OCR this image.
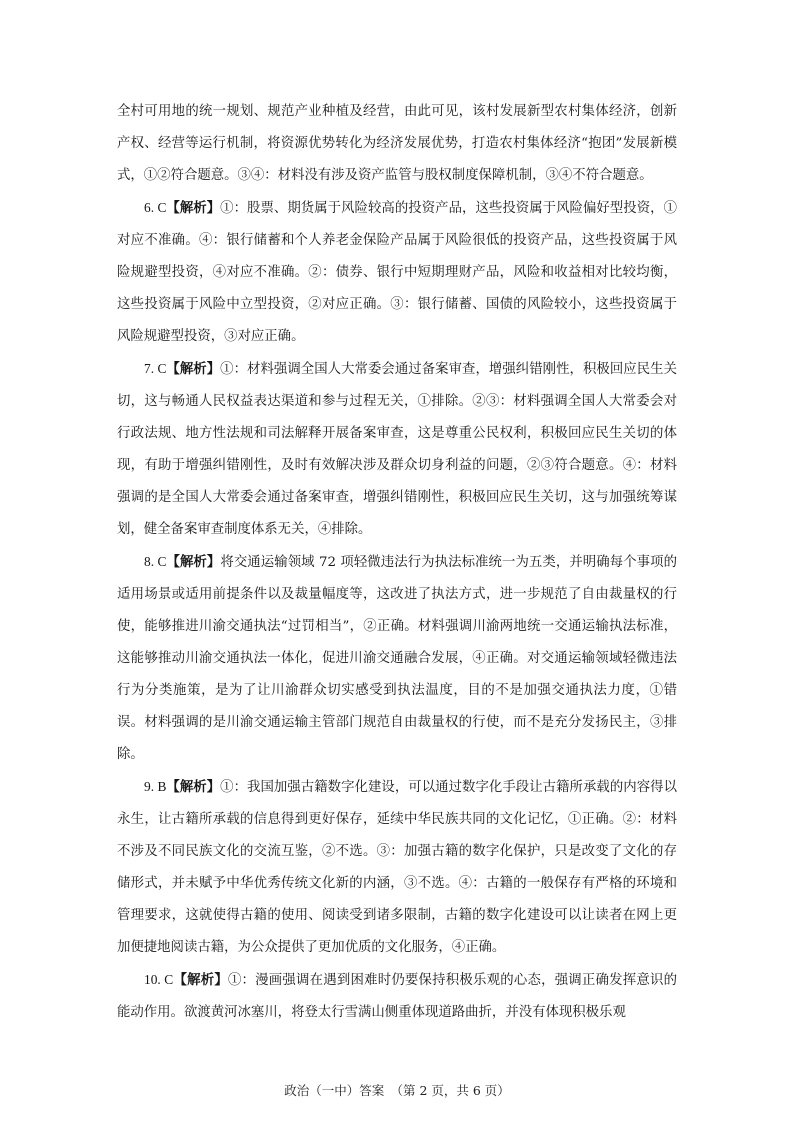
全村可用地的统一规划、规范产业种植及经营，由此可见，该村发展新型农村集体经济，创新产权、经营等运行机制，将资源优势转化为经济发展优势，打造农村集体经济“抱团”发展新模式，①②符合题意。③④：材料没有涉及资产监管与股权制度保障机制，③④不符合题意。

6. C【解析】①：股票、期货属于风险较高的投资产品，这些投资属于风险偏好型投资，①对应不准确。④：银行储蓄和个人养老金保险产品属于风险很低的投资产品，这些投资属于风险规避型投资，④对应不准确。②：债券、银行中短期理财产品，风险和收益相对比较均衡，这些投资属于风险中立型投资，②对应正确。③：银行储蓄、国债的风险较小，这些投资属于风险规避型投资，③对应正确。

7. C【解析】①：材料强调全国人大常委会通过备案审查，增强纠错刚性，积极回应民生关切，这与畅通人民权益表达渠道和参与过程无关，①排除。②③：材料强调全国人大常委会对行政法规、地方性法规和司法解释开展备案审查，这是尊重公民权利，积极回应民生关切的体现，有助于增强纠错刚性，及时有效解决涉及群众切身利益的问题，②③符合题意。④：材料强调的是全国人大常委会通过备案审查，增强纠错刚性，积极回应民生关切，这与加强统筹谋划，健全备案审查制度体系无关，④排除。

8. C【解析】将交通运输领域 72 项轻微违法行为执法标准统一为五类，并明确每个事项的适用场景或适用前提条件以及裁量幅度等，这改进了执法方式，进一步规范了自由裁量权的行使，能够推进川渝交通执法“过罚相当”，②正确。材料强调川渝两地统一交通运输执法标准，这能够推动川渝交通执法一体化，促进川渝交通融合发展，④正确。对交通运输领域轻微违法行为分类施策，是为了让川渝群众切实感受到执法温度，目的不是加强交通执法力度，①错误。材料强调的是川渝交通运输主管部门规范自由裁量权的行使，而不是充分发扬民主，③排除。

9. B【解析】①：我国加强古籍数字化建设，可以通过数字化手段让古籍所承载的内容得以永生，让古籍所承载的信息得到更好保存，延续中华民族共同的文化记忆，①正确。②：材料不涉及不同民族文化的交流互鉴，②不选。③：加强古籍的数字化保护，只是改变了文化的存储形式，并未赋予中华优秀传统文化新的内涵，③不选。④：古籍的一般保存有严格的环境和管理要求，这就使得古籍的使用、阅读受到诸多限制，古籍的数字化建设可以让读者在网上更加便捷地阅读古籍，为公众提供了更加优质的文化服务，④正确。

10. C【解析】①：漫画强调在遇到困难时仍要保持积极乐观的心态，强调正确发挥意识的能动作用。欲渡黄河冰塞川，将登太行雪满山侧重体现道路曲折，并没有体现积极乐观

政治（一中）答案　（第 2 页，共 6 页）
